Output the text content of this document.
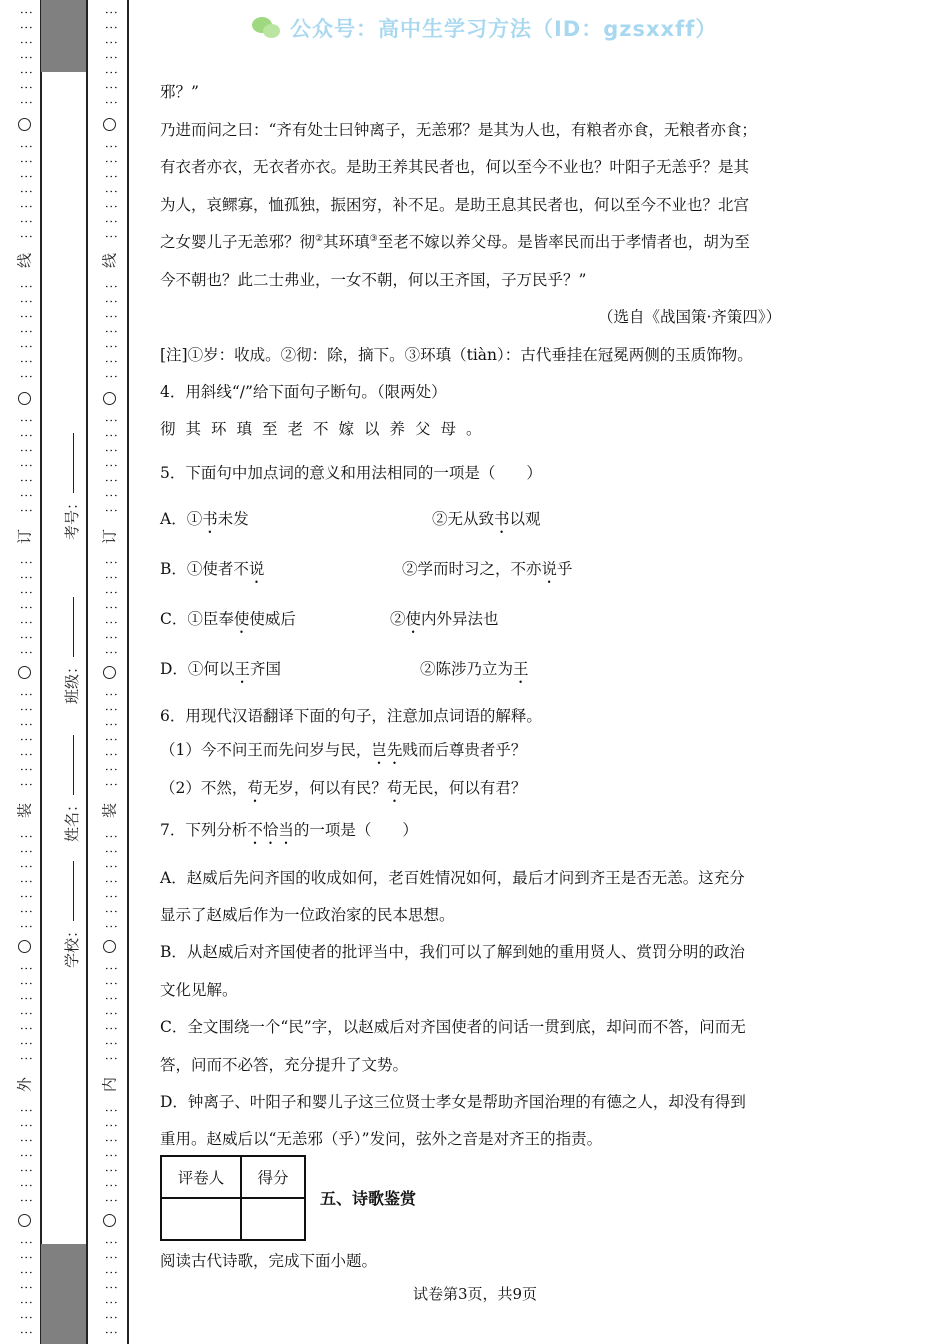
⋮⋮⋮⋮⋮⋮⋮
⋮⋮⋮⋮⋮⋮⋮
线
⋮⋮⋮⋮⋮⋮⋮
⋮⋮⋮⋮⋮⋮⋮
订
⋮⋮⋮⋮⋮⋮⋮
⋮⋮⋮⋮⋮⋮⋮
装
⋮⋮⋮⋮⋮⋮⋮
⋮⋮⋮⋮⋮⋮⋮
外
⋮⋮⋮⋮⋮⋮⋮
⋮⋮⋮⋮⋮⋮⋮
⋮⋮⋮⋮⋮⋮⋮
⋮⋮⋮⋮⋮⋮⋮
线
⋮⋮⋮⋮⋮⋮⋮
⋮⋮⋮⋮⋮⋮⋮
订
⋮⋮⋮⋮⋮⋮⋮
⋮⋮⋮⋮⋮⋮⋮
装
⋮⋮⋮⋮⋮⋮⋮
⋮⋮⋮⋮⋮⋮⋮
内
⋮⋮⋮⋮⋮⋮⋮
⋮⋮⋮⋮⋮⋮⋮
考号：
班级：
姓名：
学校：
公众号：高中生学习方法（ID：gzsxxff）
邪？”
乃进而问之曰：“齐有处士曰钟离子，无恙邪？是其为人也，有粮者亦食，无粮者亦食；
有衣者亦衣，无衣者亦衣。是助王养其民者也，何以至今不业也？叶阳子无恙乎？是其
为人，哀鳏寡，恤孤独，振困穷，补不足。是助王息其民者也，何以至今不业也？北宫
之女婴儿子无恙邪？彻②其环瑱③至老不嫁以养父母。是皆率民而出于孝情者也，胡为至
今不朝也？此二士弗业，一女不朝，何以王齐国，子万民乎？”
（选自《战国策·齐策四》）
[注]①岁：收成。②彻：除，摘下。③环瑱（tiàn）：古代垂挂在冠冕两侧的玉质饰物。
4．用斜线“/”给下面句子断句。（限两处）
彻其环瑱至老不嫁以养父母。
5．下面句中加点词的意义和用法相同的一项是（　　）
A．①书未发	②无从致书以观
B．①使者不说	②学而时习之，不亦说乎
C．①臣奉使使威后	②使内外异法也
D．①何以王齐国	②陈涉乃立为王
6．用现代汉语翻译下面的句子，注意加点词语的解释。
（1）今不问王而先问岁与民，岂先贱而后尊贵者乎？
（2）不然，苟无岁，何以有民？苟无民，何以有君？
7．下列分析不恰当的一项是（　　）
A．赵威后先问齐国的收成如何，老百姓情况如何，最后才问到齐王是否无恙。这充分
显示了赵威后作为一位政治家的民本思想。
B．从赵威后对齐国使者的批评当中，我们可以了解到她的重用贤人、赏罚分明的政治
文化见解。
C．全文围绕一个“民”字，以赵威后对齐国使者的问话一贯到底，却问而不答，问而无
答，问而不必答，充分提升了文势。
D．钟离子、叶阳子和婴儿子这三位贤士孝女是帮助齐国治理的有德之人，却没有得到
重用。赵威后以“无恙邪（乎）”发问，弦外之音是对齐王的指责。
评卷人	得分

五、诗歌鉴赏
阅读古代诗歌，完成下面小题。
试卷第3页，共9页
